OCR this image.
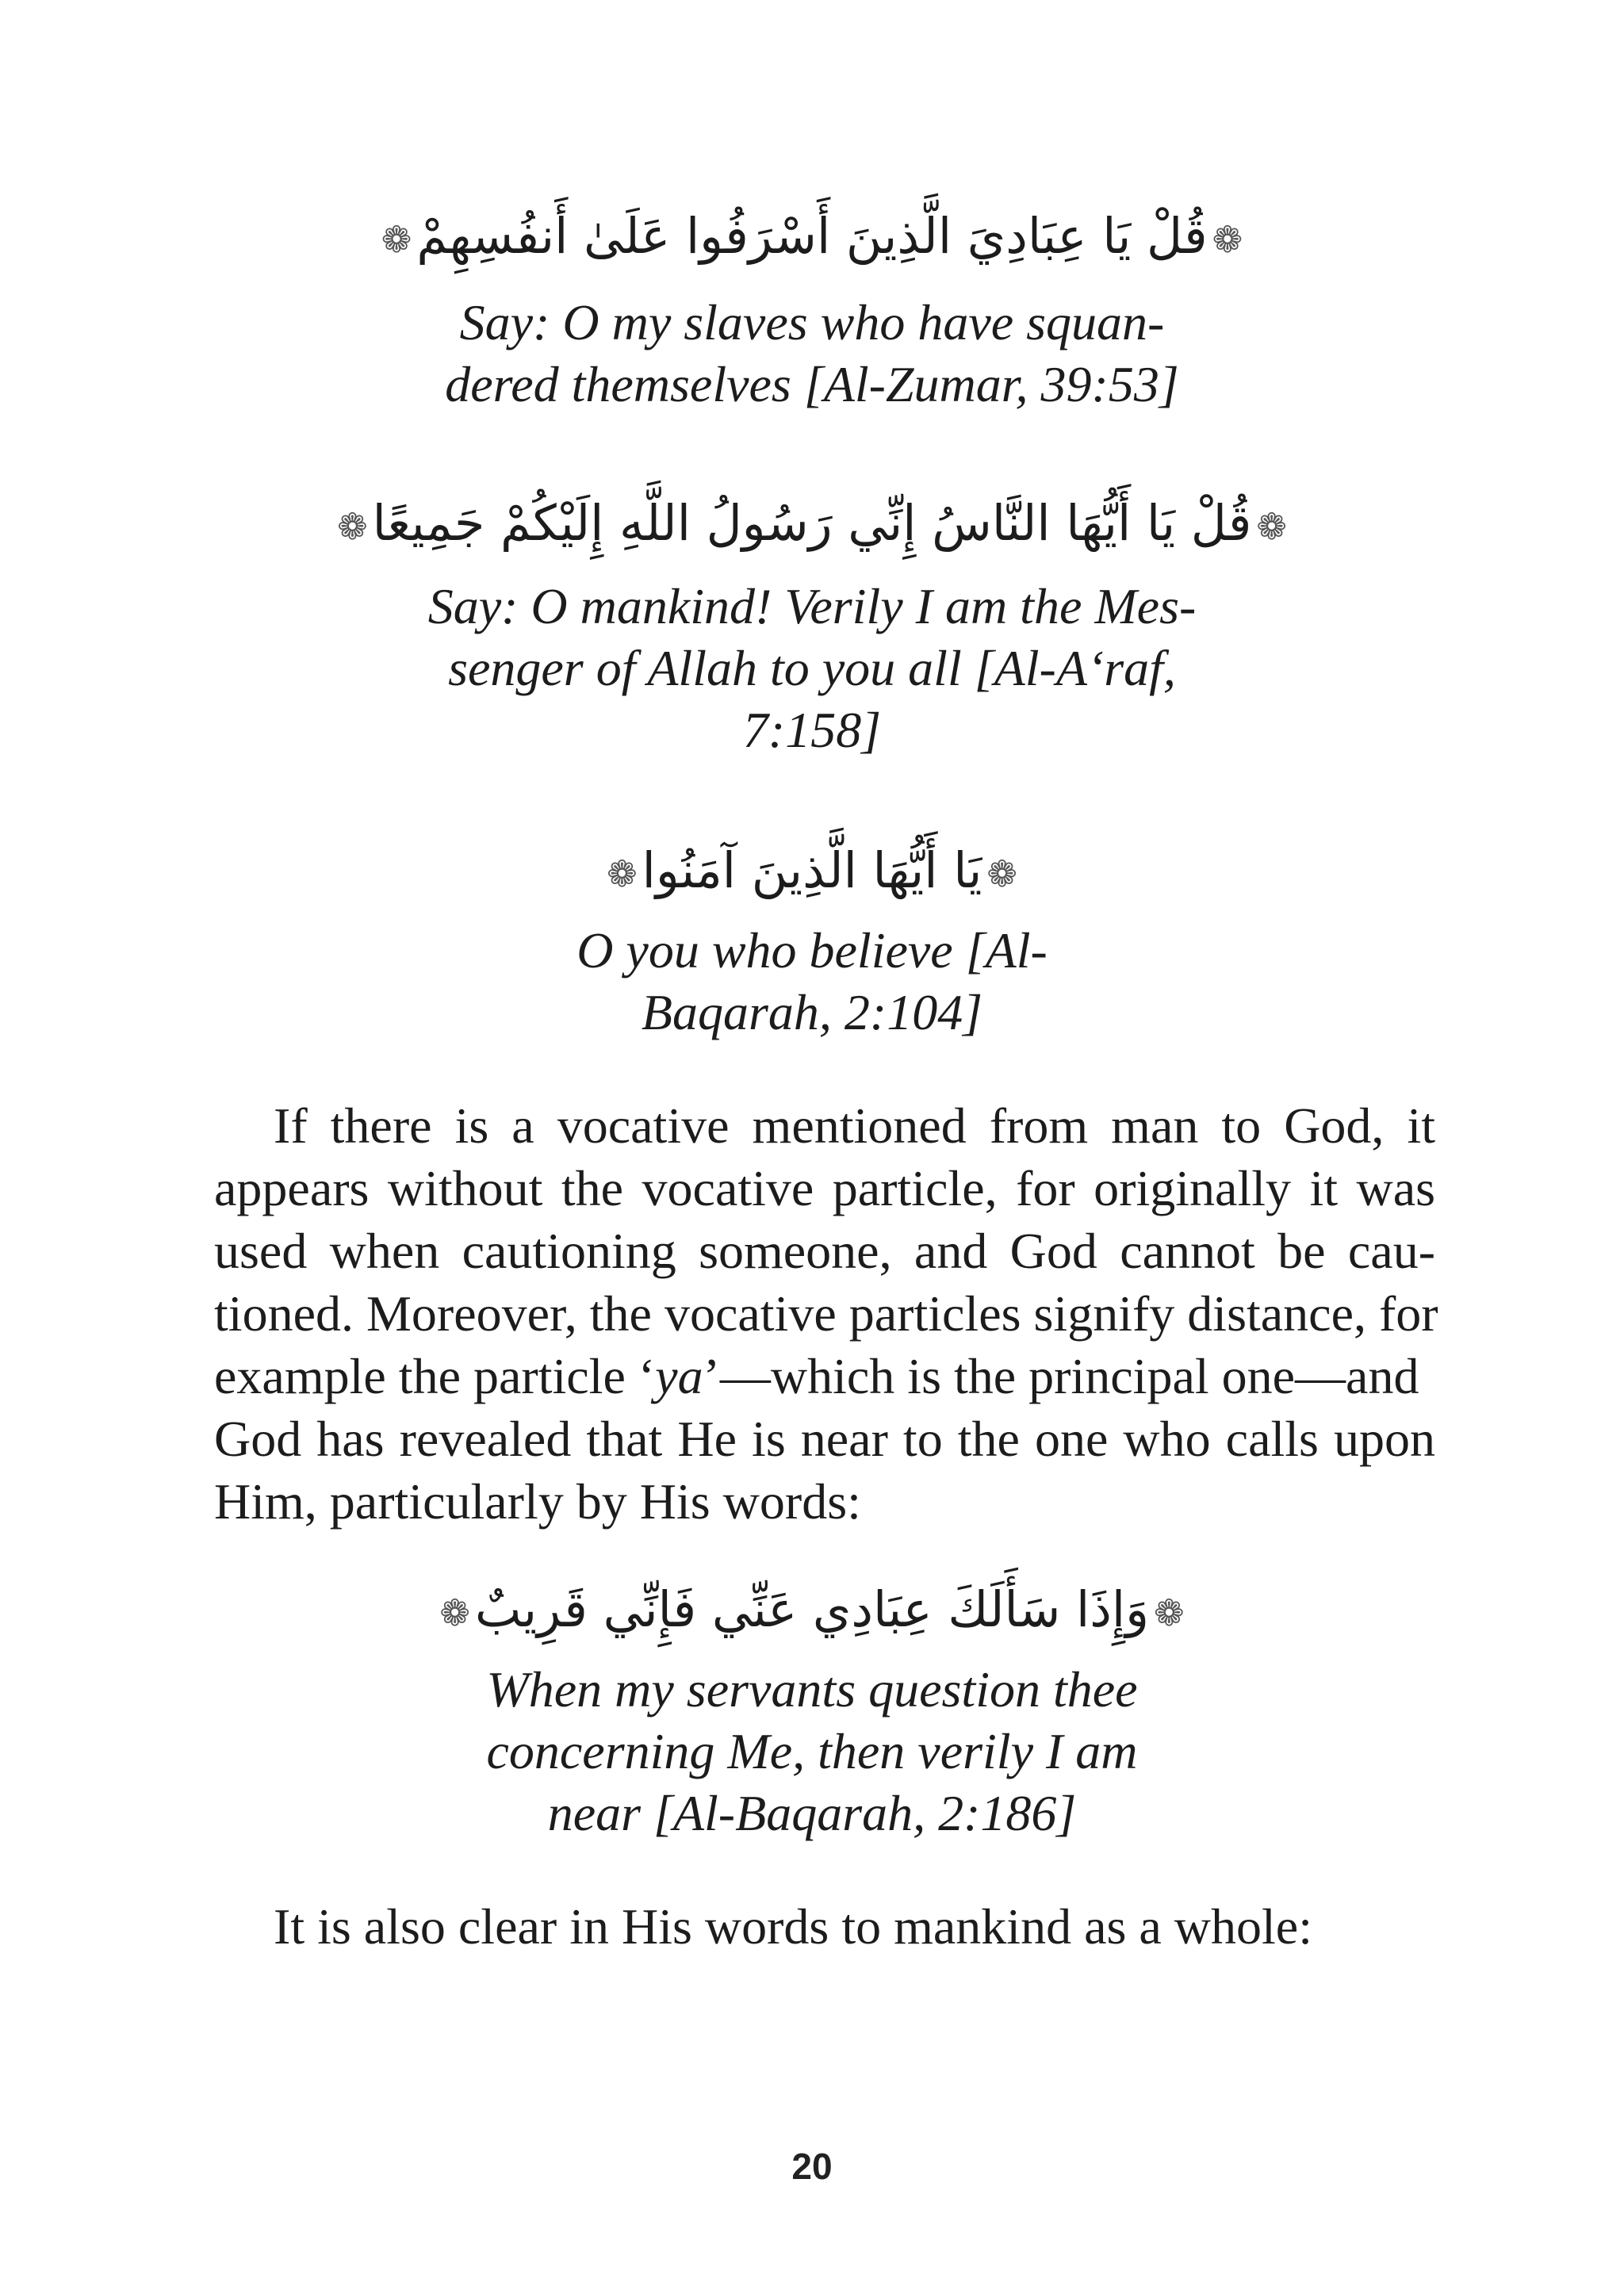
❁قُلْ يَا عِبَادِيَ الَّذِينَ أَسْرَفُوا عَلَىٰ أَنفُسِهِمْ❁
Say: O my slaves who have squan-
dered themselves [Al-Zumar, 39:53]
❁قُلْ يَا أَيُّهَا النَّاسُ إِنِّي رَسُولُ اللَّهِ إِلَيْكُمْ جَمِيعًا❁
Say: O mankind! Verily I am the Mes-
senger of Allah to you all [Al-A‘raf,
7:158]
❁يَا أَيُّهَا الَّذِينَ آمَنُوا❁
O you who believe [Al-
Baqarah, 2:104]
If there is a vocative mentioned from man to God, it
appears without the vocative particle, for originally it was
used when cautioning someone, and God cannot be cau-
tioned. Moreover, the vocative particles signify distance, for
example the particle ‘ya’—which is the principal one—and
God has revealed that He is near to the one who calls upon
Him, particularly by His words:
❁وَإِذَا سَأَلَكَ عِبَادِي عَنِّي فَإِنِّي قَرِيبٌ❁
When my servants question thee
concerning Me, then verily I am
near [Al-Baqarah, 2:186]
It is also clear in His words to mankind as a whole:
20
